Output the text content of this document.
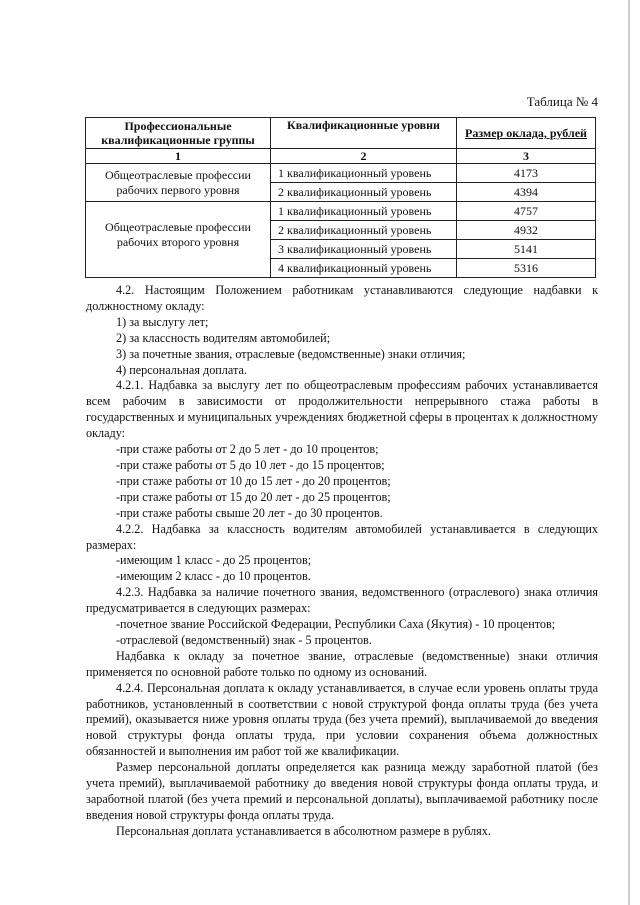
Таблица № 4

Профессиональные квалификационные группы	Квалификационные уровни	Размер оклада, рублей
1	2	3
Общеотраслевые профессии рабочих первого уровня	1 квалификационный уровень	4173
	2 квалификационный уровень	4394
Общеотраслевые профессии рабочих второго уровня	1 квалификационный уровень	4757
	2 квалификационный уровень	4932
	3 квалификационный уровень	5141
	4 квалификационный уровень	5316

4.2. Настоящим Положением работникам устанавливаются следующие надбавки к должностному окладу:

1) за выслугу лет;

2) за классность водителям автомобилей;

3) за почетные звания, отраслевые (ведомственные) знаки отличия;

4) персональная доплата.

4.2.1. Надбавка за выслугу лет по общеотраслевым профессиям рабочих устанавливается всем рабочим в зависимости от продолжительности непрерывного стажа работы в государственных и муниципальных учреждениях бюджетной сферы в процентах к должностному окладу:

-при стаже работы от 2 до 5 лет - до 10 процентов;

-при стаже работы от 5 до 10 лет - до 15 процентов;

-при стаже работы от 10 до 15 лет - до 20 процентов;

-при стаже работы от 15 до 20 лет - до 25 процентов;

-при стаже работы свыше 20 лет - до 30 процентов.

4.2.2. Надбавка за классность водителям автомобилей устанавливается в следующих размерах:

-имеющим 1 класс - до 25 процентов;

-имеющим 2 класс - до 10 процентов.

4.2.3. Надбавка за наличие почетного звания, ведомственного (отраслевого) знака отличия предусматривается в следующих размерах:

-почетное звание Российской Федерации, Республики Саха (Якутия) - 10 процентов;

-отраслевой (ведомственный) знак - 5 процентов.

Надбавка к окладу за почетное звание, отраслевые (ведомственные) знаки отличия применяется по основной работе только по одному из оснований.

4.2.4. Персональная доплата к окладу устанавливается, в случае если уровень оплаты труда работников, установленный в соответствии с новой структурой фонда оплаты труда (без учета премий), оказывается ниже уровня оплаты труда (без учета премий), выплачиваемой до введения новой структуры фонда оплаты труда, при условии сохранения объема должностных обязанностей и выполнения им работ той же квалификации.

Размер персональной доплаты определяется как разница между заработной платой (без учета премий), выплачиваемой работнику до введения новой структуры фонда оплаты труда, и заработной платой (без учета премий и персональной доплаты), выплачиваемой работнику после введения новой структуры фонда оплаты труда.

Персональная доплата устанавливается в абсолютном размере в рублях.
